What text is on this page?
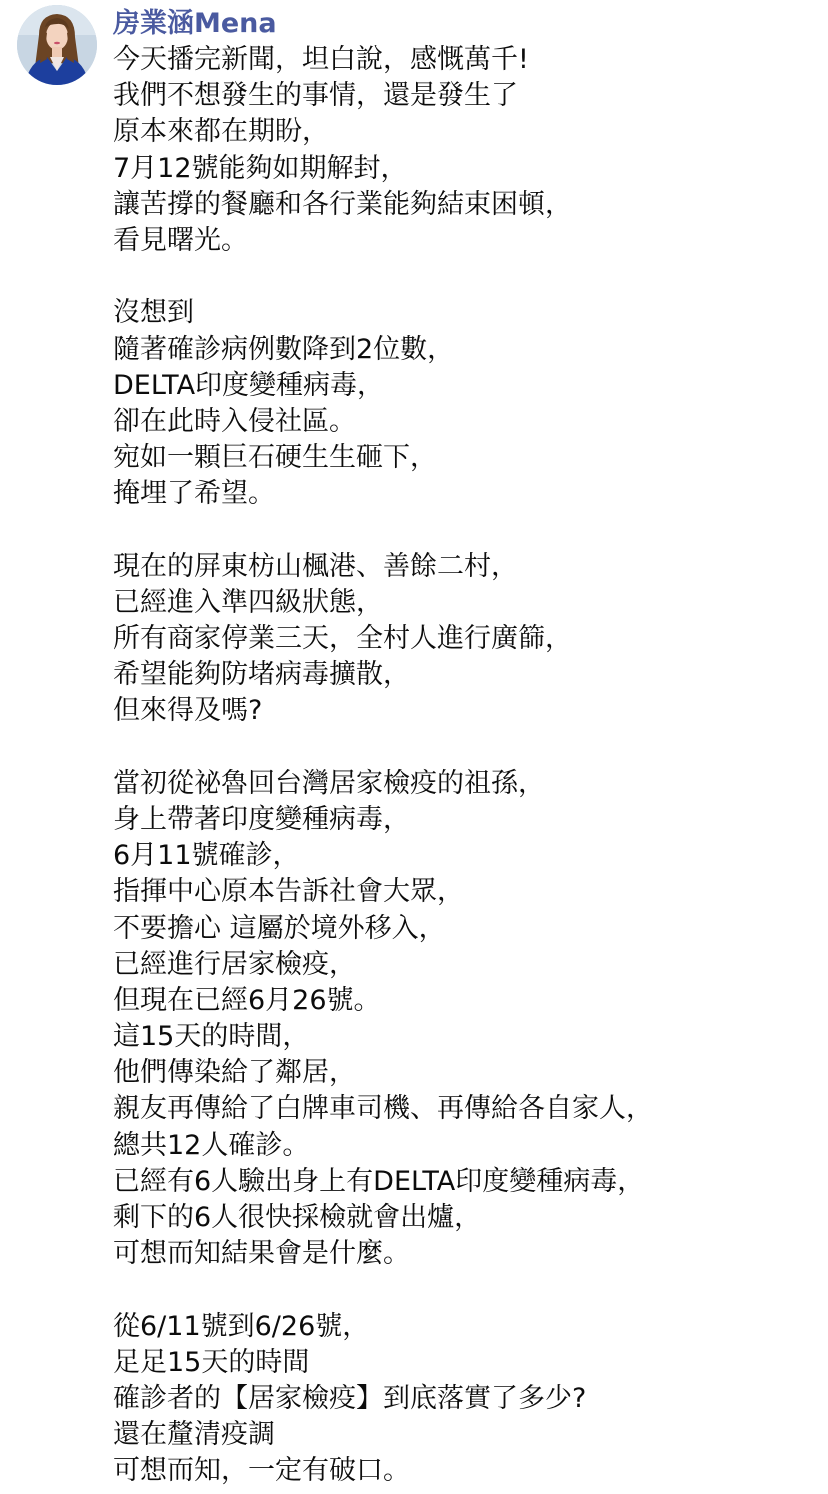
房業涵Mena
今天播完新聞，坦白說，感慨萬千!
我們不想發生的事情，還是發生了
原本來都在期盼，
7月12號能夠如期解封，
讓苦撐的餐廳和各行業能夠結束困頓，
看見曙光。
沒想到
隨著確診病例數降到2位數，
DELTA印度變種病毒，
卻在此時入侵社區。
宛如一顆巨石硬生生砸下，
掩埋了希望。
現在的屏東枋山楓港、善餘二村，
已經進入準四級狀態，
所有商家停業三天，全村人進行廣篩，
希望能夠防堵病毒擴散，
但來得及嗎?
當初從祕魯回台灣居家檢疫的祖孫，
身上帶著印度變種病毒，
6月11號確診，
指揮中心原本告訴社會大眾，
不要擔心 這屬於境外移入，
已經進行居家檢疫，
但現在已經6月26號。
這15天的時間，
他們傳染給了鄰居，
親友再傳給了白牌車司機、再傳給各自家人，
總共12人確診。
已經有6人驗出身上有DELTA印度變種病毒，
剩下的6人很快採檢就會出爐，
可想而知結果會是什麼。
從6/11號到6/26號，
足足15天的時間
確診者的【居家檢疫】到底落實了多少?
還在釐清疫調
可想而知，一定有破口。
